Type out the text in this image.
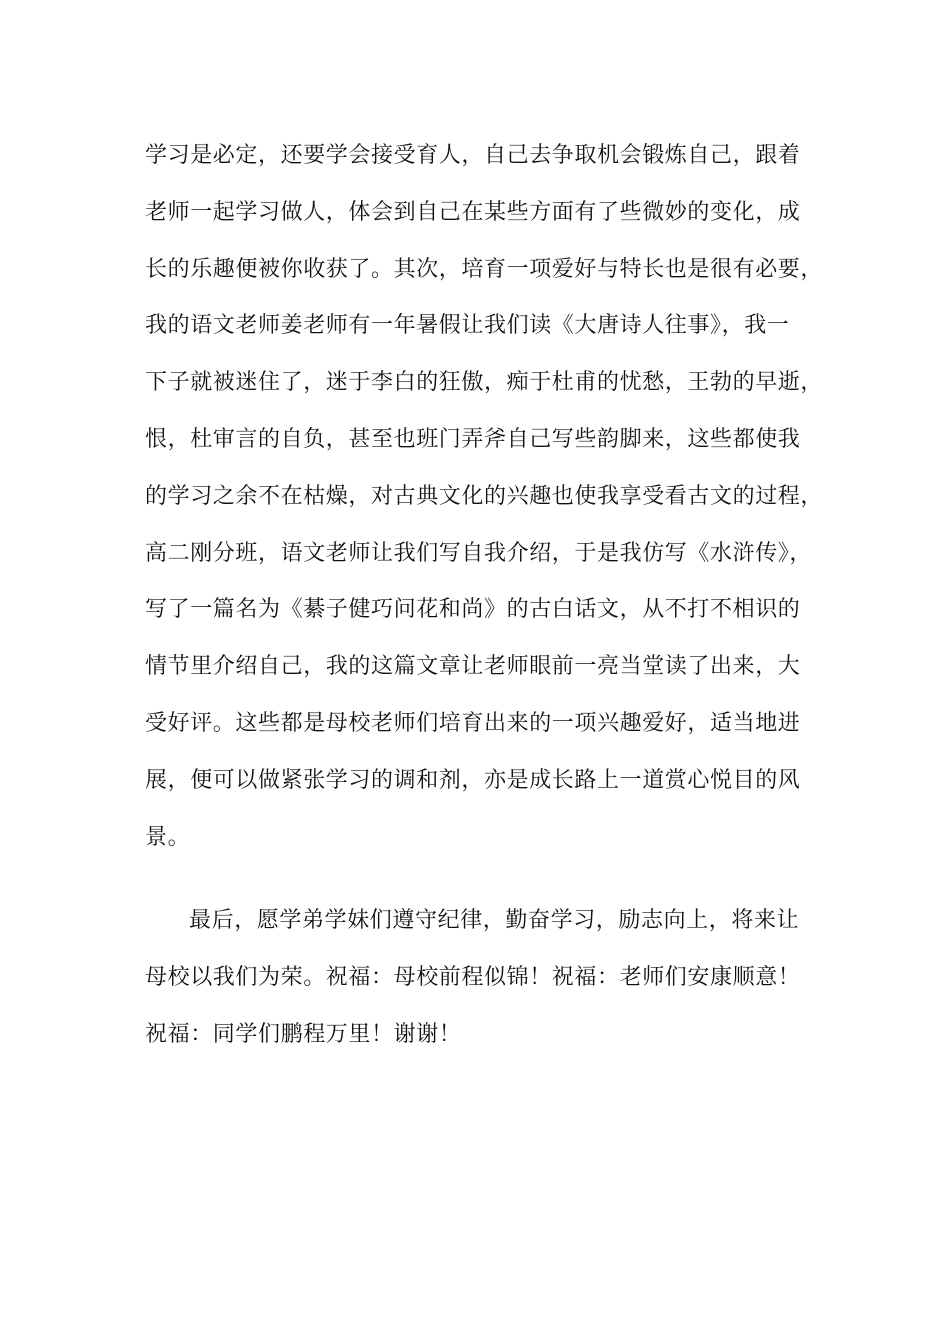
学习是必定，还要学会接受育人，自己去争取机会锻炼自己，跟着
老师一起学习做人，体会到自己在某些方面有了些微妙的变化，成
长的乐趣便被你收获了。其次，培育一项爱好与特长也是很有必要，
我的语文老师姜老师有一年暑假让我们读《大唐诗人往事》，我一
下子就被迷住了，迷于李白的狂傲，痴于杜甫的忧愁，王勃的早逝，
恨，杜审言的自负，甚至也班门弄斧自己写些韵脚来，这些都使我
的学习之余不在枯燥，对古典文化的兴趣也使我享受看古文的过程，
高二刚分班，语文老师让我们写自我介绍，于是我仿写《水浒传》，
写了一篇名为《綦子健巧问花和尚》的古白话文，从不打不相识的
情节里介绍自己，我的这篇文章让老师眼前一亮当堂读了出来，大
受好评。这些都是母校老师们培育出来的一项兴趣爱好，适当地进
展，便可以做紧张学习的调和剂，亦是成长路上一道赏心悦目的风
景。
最后，愿学弟学妹们遵守纪律，勤奋学习，励志向上，将来让
母校以我们为荣。祝福：母校前程似锦！祝福：老师们安康顺意！
祝福：同学们鹏程万里！谢谢！
